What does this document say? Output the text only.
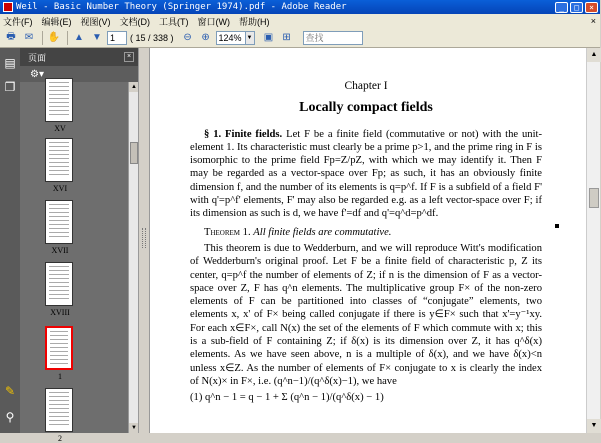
Weil - Basic Number Theory (Springer 1974).pdf - Adobe Reader	_	□	×
文件(F) 编辑(E) 视图(V) 文档(D) 工具(T) 窗口(W) 帮助(H)	×
🖶 ✉	✋	▲ ▼ 1	( 15 / 338 ) ⊖ ⊕ 124% ▼	▣ ⊞	查找
▤
❐
✎
⚲
页面	×
⚙▾
XV
XVI
XVII
XVIII
1
2
▲
▼
Chapter I
Locally compact fields

§ 1. Finite fields. Let F be a finite field (commutative or not) with the unit-element 1. Its characteristic must clearly be a prime p>1, and the prime ring in F is isomorphic to the prime field Fp=Z/pZ, with which we may identify it. Then F may be regarded as a vector-space over Fp; as such, it has an obviously finite dimension f, and the number of its elements is q=p^f. If F is a subfield of a field F' with q'=p^f' elements, F' may also be regarded e.g. as a left vector-space over F; if its dimension as such is d, we have f'=df and q'=q^d=p^df.

Theorem 1. All finite fields are commutative.

This theorem is due to Wedderburn, and we will reproduce Witt's modification of Wedderburn's original proof. Let F be a finite field of characteristic p, Z its center, q=p^f the number of elements of Z; if n is the dimension of F as a vector-space over Z, F has q^n elements. The multiplicative group F× of the non-zero elements of F can be partitioned into classes of “conjugate” elements, two elements x, x' of F× being called conjugate if there is y∈F× such that x'=y⁻¹xy. For each x∈F×, call N(x) the set of the elements of F which commute with x; this is a sub-field of F containing Z; if δ(x) is its dimension over Z, it has q^δ(x) elements. As we have seen above, n is a multiple of δ(x), and we have δ(x)<n unless x∈Z. As the number of elements of F× conjugate to x is clearly the index of N(x)× in F×, i.e. (q^n−1)/(q^δ(x)−1), we have

(1) q^n − 1 = q − 1 + Σ (q^n − 1)/(q^δ(x) − 1)
▲
▼
